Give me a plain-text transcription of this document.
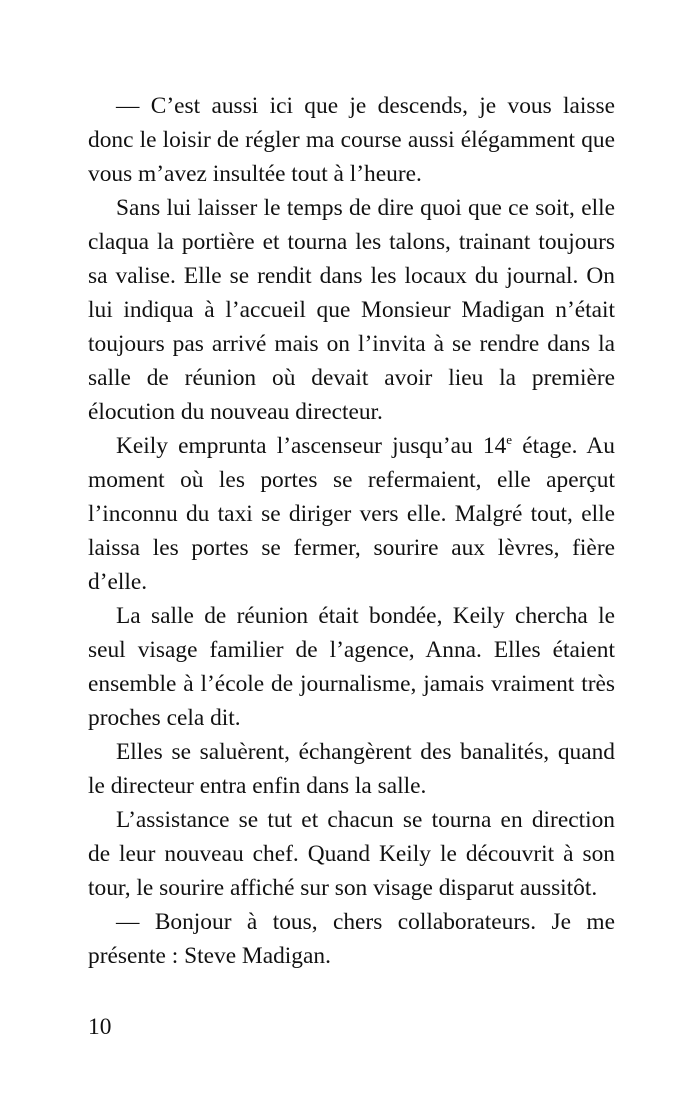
— C’est aussi ici que je descends, je vous laisse donc le loisir de régler ma course aussi élégamment que vous m’avez insultée tout à l’heure.

Sans lui laisser le temps de dire quoi que ce soit, elle claqua la portière et tourna les talons, trainant toujours sa valise. Elle se rendit dans les locaux du journal. On lui indiqua à l’accueil que Monsieur Madigan n’était toujours pas arrivé mais on l’invita à se rendre dans la salle de réunion où devait avoir lieu la première élocution du nouveau directeur.

Keily emprunta l’ascenseur jusqu’au 14e étage. Au moment où les portes se refermaient, elle aperçut l’inconnu du taxi se diriger vers elle. Malgré tout, elle laissa les portes se fermer, sourire aux lèvres, fière d’elle.

La salle de réunion était bondée, Keily chercha le seul visage familier de l’agence, Anna. Elles étaient ensemble à l’école de journalisme, jamais vraiment très proches cela dit.

Elles se saluèrent, échangèrent des banalités, quand le directeur entra enfin dans la salle.

L’assistance se tut et chacun se tourna en direction de leur nouveau chef. Quand Keily le découvrit à son tour, le sourire affiché sur son visage disparut aussitôt.

— Bonjour à tous, chers collaborateurs. Je me présente : Steve Madigan.

10
